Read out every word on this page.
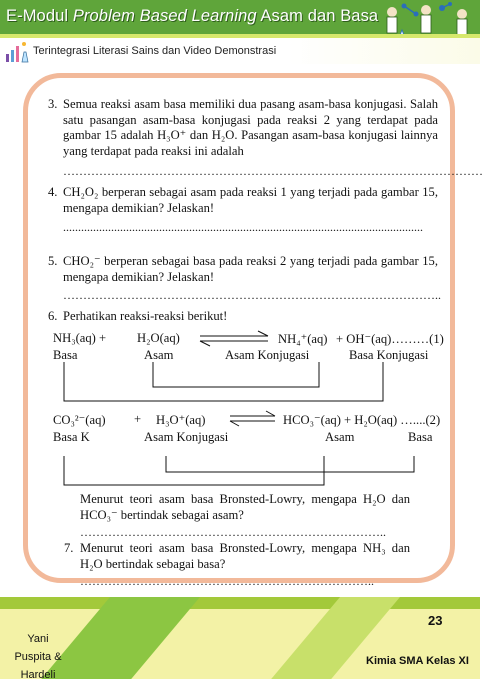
E-Modul Problem Based Learning Asam dan Basa
Terintegrasi Literasi Sains dan Video Demonstrasi
3. Semua reaksi asam basa memiliki dua pasang asam-basa konjugasi. Salah satu pasangan asam-basa konjugasi pada reaksi 2 yang terdapat pada gambar 15 adalah H₃O⁺ dan H₂O. Pasangan asam-basa konjugasi lainnya yang terdapat pada reaksi ini adalah
……………………………………………………………………………………………
4. CH₂O₂ berperan sebagai asam pada reaksi 1 yang terjadi pada gambar 15, mengapa demikian? Jelaskan!
........................................................................................................................
5. CHO₂⁻ berperan sebagai basa pada reaksi 2 yang terjadi pada gambar 15, mengapa demikian? Jelaskan!
…………………………………………………………………………………..
6. Perhatikan reaksi-reaksi berikut!
NH₃(aq) + H₂O(aq)	NH₄⁺(aq) + OH⁻(aq)………(1)
Basa	Asam	Asam Konjugasi	Basa Konjugasi
CO₃²⁻(aq) + H₃O⁺(aq)	HCO₃⁻(aq) + H₂O(aq) …....(2)
Basa K	Asam Konjugasi	Asam	Basa
Menurut teori asam basa Bronsted-Lowry, mengapa H₂O dan HCO₃⁻ bertindak sebagai asam?
…………………………………………………………………..
7. Menurut teori asam basa Bronsted-Lowry, mengapa NH₃ dan H₂O bertindak sebagai basa?
………………………………………………………………..
23
Yani Puspita &
Hardeli
Kimia SMA Kelas XI
